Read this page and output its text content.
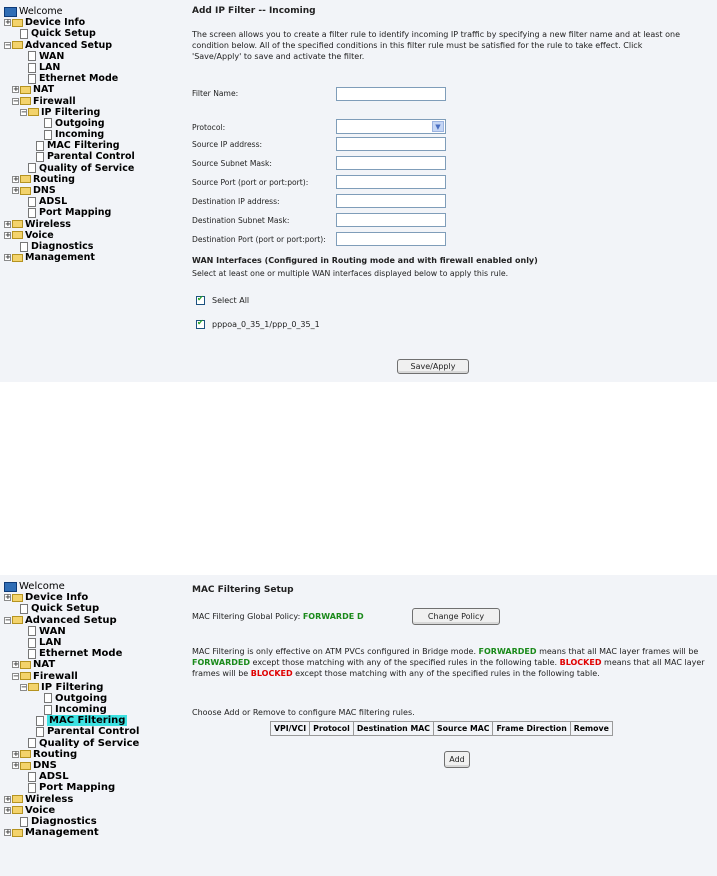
Welcome
+ Device Info
Quick Setup
− Advanced Setup
WAN
LAN
Ethernet Mode
+ NAT
− Firewall
− IP Filtering
Outgoing
Incoming
MAC Filtering
Parental Control
Quality of Service
+ Routing
+ DNS
ADSL
Port Mapping
+ Wireless
+ Voice
Diagnostics
+ Management
Add IP Filter -- Incoming
The screen allows you to create a filter rule to identify incoming IP traffic by specifying a new filter name and at least one condition below. All of the specified conditions in this filter rule must be satisfied for the rule to take effect. Click 'Save/Apply' to save and activate the filter.
Filter Name:
Protocol:	▼
Source IP address:
Source Subnet Mask:
Source Port (port or port:port):
Destination IP address:
Destination Subnet Mask:
Destination Port (port or port:port):
WAN Interfaces (Configured in Routing mode and with firewall enabled only)
Select at least one or multiple WAN interfaces displayed below to apply this rule.
✔Select All
✔pppoa_0_35_1/ppp_0_35_1
Save/Apply
Welcome
+ Device Info
Quick Setup
− Advanced Setup
WAN
LAN
Ethernet Mode
+ NAT
− Firewall
− IP Filtering
Outgoing
Incoming
MAC Filtering
Parental Control
Quality of Service
+ Routing
+ DNS
ADSL
Port Mapping
+ Wireless
+ Voice
Diagnostics
+ Management
MAC Filtering Setup
MAC Filtering Global Policy: FORWARDE D	Change Policy
MAC Filtering is only effective on ATM PVCs configured in Bridge mode. FORWARDED means that all MAC layer frames will be FORWARDED except those matching with any of the specified rules in the following table. BLOCKED means that all MAC layer frames will be BLOCKED except those matching with any of the specified rules in the following table.
Choose Add or Remove to configure MAC filtering rules.
VPI/VCI	Protocol	Destination MAC	Source MAC	Frame Direction	Remove
Add
